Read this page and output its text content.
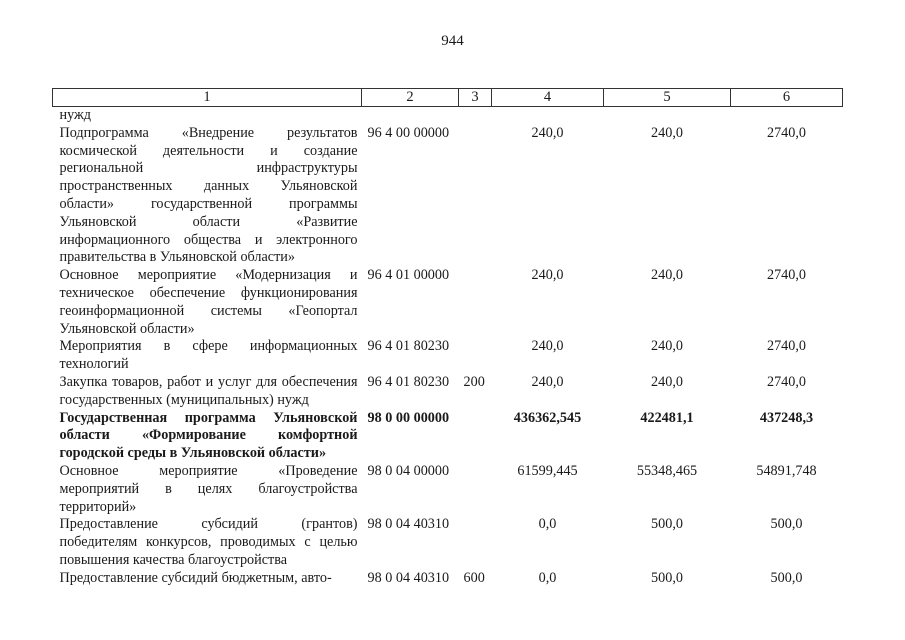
944
1	2	3	4	5	6
нужд					
Подпрограмма «Внедрение результатов космической деятельности и создание региональной инфраструктуры пространственных данных Ульяновской области» государственной программы Ульяновской области «Развитие информационного общества и электронного правительства в Ульяновской области»	96 4 00 00000		240,0	240,0	2740,0
Основное мероприятие «Модернизация и техническое обеспечение функционирования геоинформационной системы «Геопортал Ульяновской области»	96 4 01 00000		240,0	240,0	2740,0
Мероприятия в сфере информационных технологий	96 4 01 80230		240,0	240,0	2740,0
Закупка товаров, работ и услуг для обеспечения государственных (муниципальных) нужд	96 4 01 80230	200	240,0	240,0	2740,0
Государственная программа Ульяновской области «Формирование комфортной городской среды в Ульяновской области»	98 0 00 00000		436362,545	422481,1	437248,3
Основное мероприятие «Проведение мероприятий в целях благоустройства территорий»	98 0 04 00000		61599,445	55348,465	54891,748
Предоставление субсидий (грантов) победителям конкурсов, проводимых с целью повышения качества благоустройства	98 0 04 40310		0,0	500,0	500,0
Предоставление субсидий бюджетным, авто-	98 0 04 40310	600	0,0	500,0	500,0
